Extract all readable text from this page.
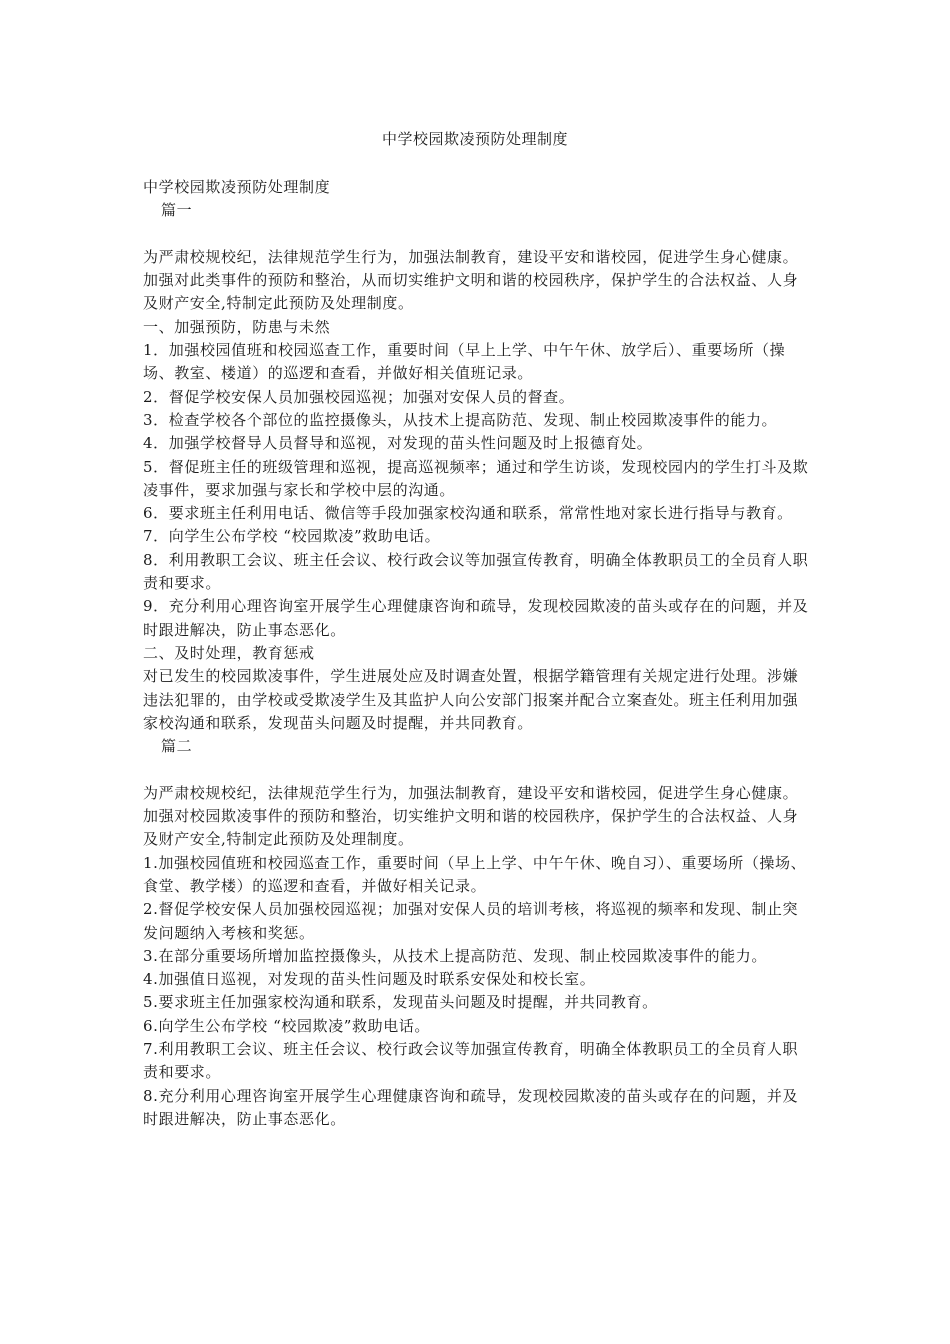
中学校园欺凌预防处理制度

中学校园欺凌预防处理制度

篇一

为严肃校规校纪，法律规范学生行为，加强法制教育，建设平安和谐校园，促进学生身心健康。加强对此类事件的预防和整治，从而切实维护文明和谐的校园秩序，保护学生的合法权益、人身及财产安全,特制定此预防及处理制度。

一、加强预防，防患与未然

1．加强校园值班和校园巡查工作，重要时间（早上上学、中午午休、放学后）、重要场所（操场、教室、楼道）的巡逻和查看，并做好相关值班记录。

2．督促学校安保人员加强校园巡视；加强对安保人员的督查。

3．检查学校各个部位的监控摄像头，从技术上提高防范、发现、制止校园欺凌事件的能力。

4．加强学校督导人员督导和巡视，对发现的苗头性问题及时上报德育处。

5．督促班主任的班级管理和巡视，提高巡视频率；通过和学生访谈，发现校园内的学生打斗及欺凌事件，要求加强与家长和学校中层的沟通。

6．要求班主任利用电话、微信等手段加强家校沟通和联系，常常性地对家长进行指导与教育。

7．向学生公布学校 “校园欺凌”救助电话。

8．利用教职工会议、班主任会议、校行政会议等加强宣传教育，明确全体教职员工的全员育人职责和要求。

9．充分利用心理咨询室开展学生心理健康咨询和疏导，发现校园欺凌的苗头或存在的问题，并及时跟进解决，防止事态恶化。

二、及时处理，教育惩戒

对已发生的校园欺凌事件，学生进展处应及时调查处置，根据学籍管理有关规定进行处理。涉嫌违法犯罪的，由学校或受欺凌学生及其监护人向公安部门报案并配合立案查处。班主任利用加强家校沟通和联系，发现苗头问题及时提醒，并共同教育。

篇二

为严肃校规校纪，法律规范学生行为，加强法制教育，建设平安和谐校园，促进学生身心健康。加强对校园欺凌事件的预防和整治，切实维护文明和谐的校园秩序，保护学生的合法权益、人身及财产安全,特制定此预防及处理制度。

1.加强校园值班和校园巡查工作，重要时间（早上上学、中午午休、晚自习）、重要场所（操场、食堂、教学楼）的巡逻和查看，并做好相关记录。

2.督促学校安保人员加强校园巡视；加强对安保人员的培训考核，将巡视的频率和发现、制止突发问题纳入考核和奖惩。

3.在部分重要场所增加监控摄像头，从技术上提高防范、发现、制止校园欺凌事件的能力。

4.加强值日巡视，对发现的苗头性问题及时联系安保处和校长室。

5.要求班主任加强家校沟通和联系，发现苗头问题及时提醒，并共同教育。

6.向学生公布学校 “校园欺凌”救助电话。

7.利用教职工会议、班主任会议、校行政会议等加强宣传教育，明确全体教职员工的全员育人职责和要求。

8.充分利用心理咨询室开展学生心理健康咨询和疏导，发现校园欺凌的苗头或存在的问题，并及时跟进解决，防止事态恶化。
